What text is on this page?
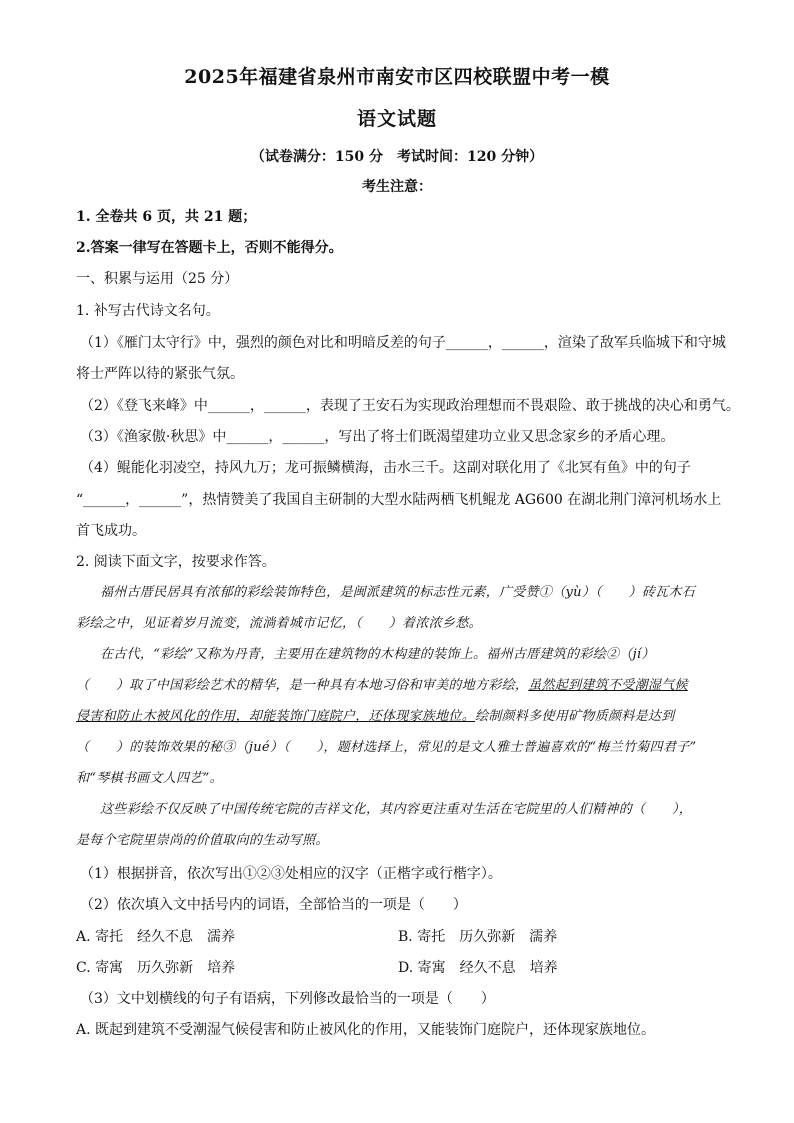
2025年福建省泉州市南安市区四校联盟中考一模
语文试题
（试卷满分：150 分　考试时间：120 分钟）
考生注意：
1. 全卷共 6 页，共 21 题；
2.答案一律写在答题卡上，否则不能得分。
一、积累与运用（25 分）
1. 补写古代诗文名句。
（1）《雁门太守行》中，强烈的颜色对比和明暗反差的句子______，______，渲染了敌军兵临城下和守城
将士严阵以待的紧张气氛。
（2）《登飞来峰》中______，______，表现了王安石为实现政治理想而不畏艰险、敢于挑战的决心和勇气。
（3）《渔家傲·秋思》中______，______，写出了将士们既渴望建功立业又思念家乡的矛盾心理。
（4）鲲能化羽凌空，持风九万；龙可振鳞横海，击水三千。这副对联化用了《北冥有鱼》中的句子
“______，______”，热情赞美了我国自主研制的大型水陆两栖飞机鲲龙 AG600 在湖北荆门漳河机场水上
首飞成功。
2. 阅读下面文字，按要求作答。
福州古厝民居具有浓郁的彩绘装饰特色，是闽派建筑的标志性元素，广受赞①（yù）（　　）砖瓦木石
彩绘之中，见证着岁月流变，流淌着城市记忆，（　　）着浓浓乡愁。
在古代，“彩绘”又称为丹青，主要用在建筑物的木构建的装饰上。福州古厝建筑的彩绘②（jí）
（　　）取了中国彩绘艺术的精华，是一种具有本地习俗和审美的地方彩绘，虽然起到建筑不受潮湿气候
侵害和防止木被风化的作用，却能装饰门庭院户，还体现家族地位。绘制颜料多使用矿物质颜料是达到
（　　）的装饰效果的秘③（jué）（　　），题材选择上，常见的是文人雅士普遍喜欢的“梅兰竹菊四君子”
和“琴棋书画文人四艺”。
这些彩绘不仅反映了中国传统宅院的吉祥文化，其内容更注重对生活在宅院里的人们精神的（　　），
是每个宅院里崇尚的价值取向的生动写照。
（1）根据拼音，依次写出①②③处相应的汉字（正楷字或行楷字）。
（2）依次填入文中括号内的词语，全部恰当的一项是（　　）
A. 寄托　经久不息　濡养	B. 寄托　历久弥新　濡养
C. 寄寓　历久弥新　培养	D. 寄寓　经久不息　培养
（3）文中划横线的句子有语病，下列修改最恰当的一项是（　　）
A. 既起到建筑不受潮湿气候侵害和防止被风化的作用，又能装饰门庭院户，还体现家族地位。
